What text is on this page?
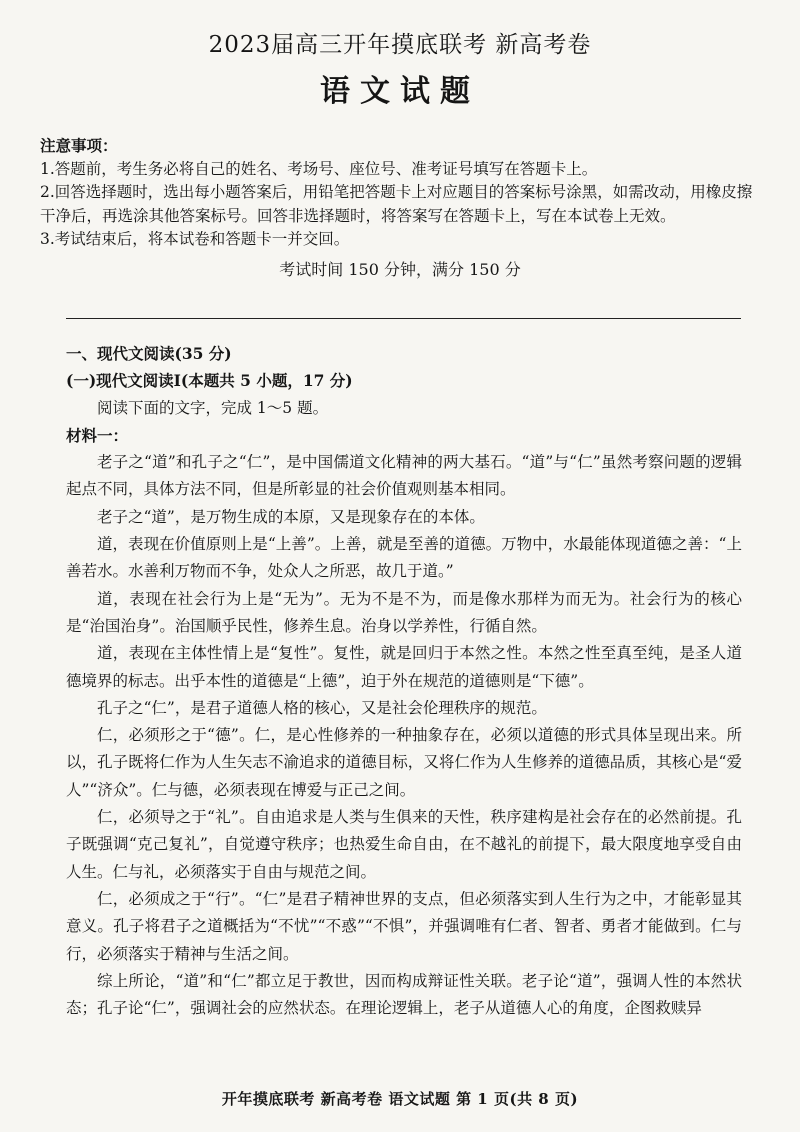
2023届高三开年摸底联考 新高考卷
语文试题
注意事项：
1.答题前，考生务必将自己的姓名、考场号、座位号、准考证号填写在答题卡上。
2.回答选择题时，选出每小题答案后，用铅笔把答题卡上对应题目的答案标号涂黑，如需改动，用橡皮擦干净后，再选涂其他答案标号。回答非选择题时，将答案写在答题卡上，写在本试卷上无效。
3.考试结束后，将本试卷和答题卡一并交回。
考试时间 150 分钟，满分 150 分
一、现代文阅读(35 分)
(一)现代文阅读Ⅰ(本题共 5 小题，17 分)
阅读下面的文字，完成 1～5 题。
材料一：
老子之“道”和孔子之“仁”，是中国儒道文化精神的两大基石。“道”与“仁”虽然考察问题的逻辑起点不同，具体方法不同，但是所彰显的社会价值观则基本相同。
老子之“道”，是万物生成的本原，又是现象存在的本体。
道，表现在价值原则上是“上善”。上善，就是至善的道德。万物中，水最能体现道德之善：“上善若水。水善利万物而不争，处众人之所恶，故几于道。”
道，表现在社会行为上是“无为”。无为不是不为，而是像水那样为而无为。社会行为的核心是“治国治身”。治国顺乎民性，修养生息。治身以学养性，行循自然。
道，表现在主体性情上是“复性”。复性，就是回归于本然之性。本然之性至真至纯，是圣人道德境界的标志。出乎本性的道德是“上德”，迫于外在规范的道德则是“下德”。
孔子之“仁”，是君子道德人格的核心，又是社会伦理秩序的规范。
仁，必须形之于“德”。仁，是心性修养的一种抽象存在，必须以道德的形式具体呈现出来。所以，孔子既将仁作为人生矢志不渝追求的道德目标，又将仁作为人生修养的道德品质，其核心是“爱人”“济众”。仁与德，必须表现在博爱与正己之间。
仁，必须导之于“礼”。自由追求是人类与生俱来的天性，秩序建构是社会存在的必然前提。孔子既强调“克己复礼”，自觉遵守秩序；也热爱生命自由，在不越礼的前提下，最大限度地享受自由人生。仁与礼，必须落实于自由与规范之间。
仁，必须成之于“行”。“仁”是君子精神世界的支点，但必须落实到人生行为之中，才能彰显其意义。孔子将君子之道概括为“不忧”“不惑”“不惧”，并强调唯有仁者、智者、勇者才能做到。仁与行，必须落实于精神与生活之间。
综上所论，“道”和“仁”都立足于教世，因而构成辩证性关联。老子论“道”，强调人性的本然状态；孔子论“仁”，强调社会的应然状态。在理论逻辑上，老子从道德人心的角度，企图救赎异
开年摸底联考 新高考卷 语文试题 第 1 页(共 8 页)
